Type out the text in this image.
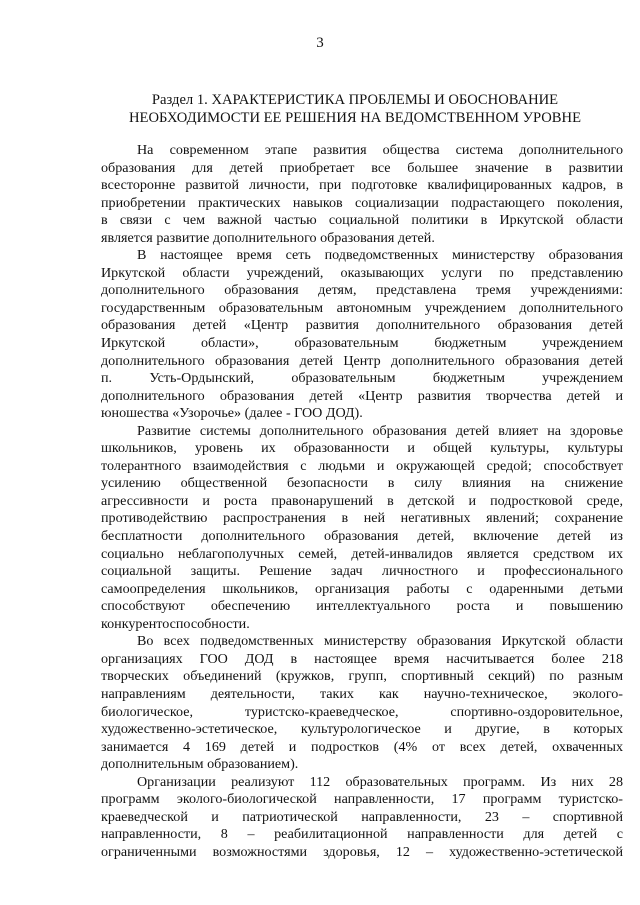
3
Раздел 1. ХАРАКТЕРИСТИКА ПРОБЛЕМЫ И ОБОСНОВАНИЕ
НЕОБХОДИМОСТИ ЕЕ РЕШЕНИЯ НА ВЕДОМСТВЕННОМ УРОВНЕ
На современном этапе развития общества система дополнительного
образования для детей приобретает все большее значение в развитии
всесторонне развитой личности, при подготовке квалифицированных кадров, в
приобретении практических навыков социализации подрастающего поколения,
в связи с чем важной частью социальной политики в Иркутской области
является развитие дополнительного образования детей.
В настоящее время сеть подведомственных министерству образования
Иркутской области учреждений, оказывающих услуги по представлению
дополнительного образования детям, представлена тремя учреждениями:
государственным образовательным автономным учреждением дополнительного
образования детей «Центр развития дополнительного образования детей
Иркутской области», образовательным бюджетным учреждением
дополнительного образования детей Центр дополнительного образования детей
п. Усть-Ордынский, образовательным бюджетным учреждением
дополнительного образования детей «Центр развития творчества детей и
юношества «Узорочье» (далее - ГОО ДОД).
Развитие системы дополнительного образования детей влияет на здоровье
школьников, уровень их образованности и общей культуры, культуры
толерантного взаимодействия с людьми и окружающей средой; способствует
усилению общественной безопасности в силу влияния на снижение
агрессивности и роста правонарушений в детской и подростковой среде,
противодействию распространения в ней негативных явлений; сохранение
бесплатности дополнительного образования детей, включение детей из
социально неблагополучных семей, детей-инвалидов является средством их
социальной защиты. Решение задач личностного и профессионального
самоопределения школьников, организация работы с одаренными детьми
способствуют обеспечению интеллектуального роста и повышению
конкурентоспособности.
Во всех подведомственных министерству образования Иркутской области
организациях ГОО ДОД в настоящее время насчитывается более 218
творческих объединений (кружков, групп, спортивный секций) по разным
направлениям деятельности, таких как научно-техническое, эколого-
биологическое, туристско-краеведческое, спортивно-оздоровительное,
художественно-эстетическое, культурологическое и другие, в которых
занимается 4 169 детей и подростков (4% от всех детей, охваченных
дополнительным образованием).
Организации реализуют 112 образовательных программ. Из них 28
программ эколого-биологической направленности, 17 программ туристско-
краеведческой и патриотической направленности, 23 – спортивной
направленности, 8 – реабилитационной направленности для детей с
ограниченными возможностями здоровья, 12 – художественно-эстетической
